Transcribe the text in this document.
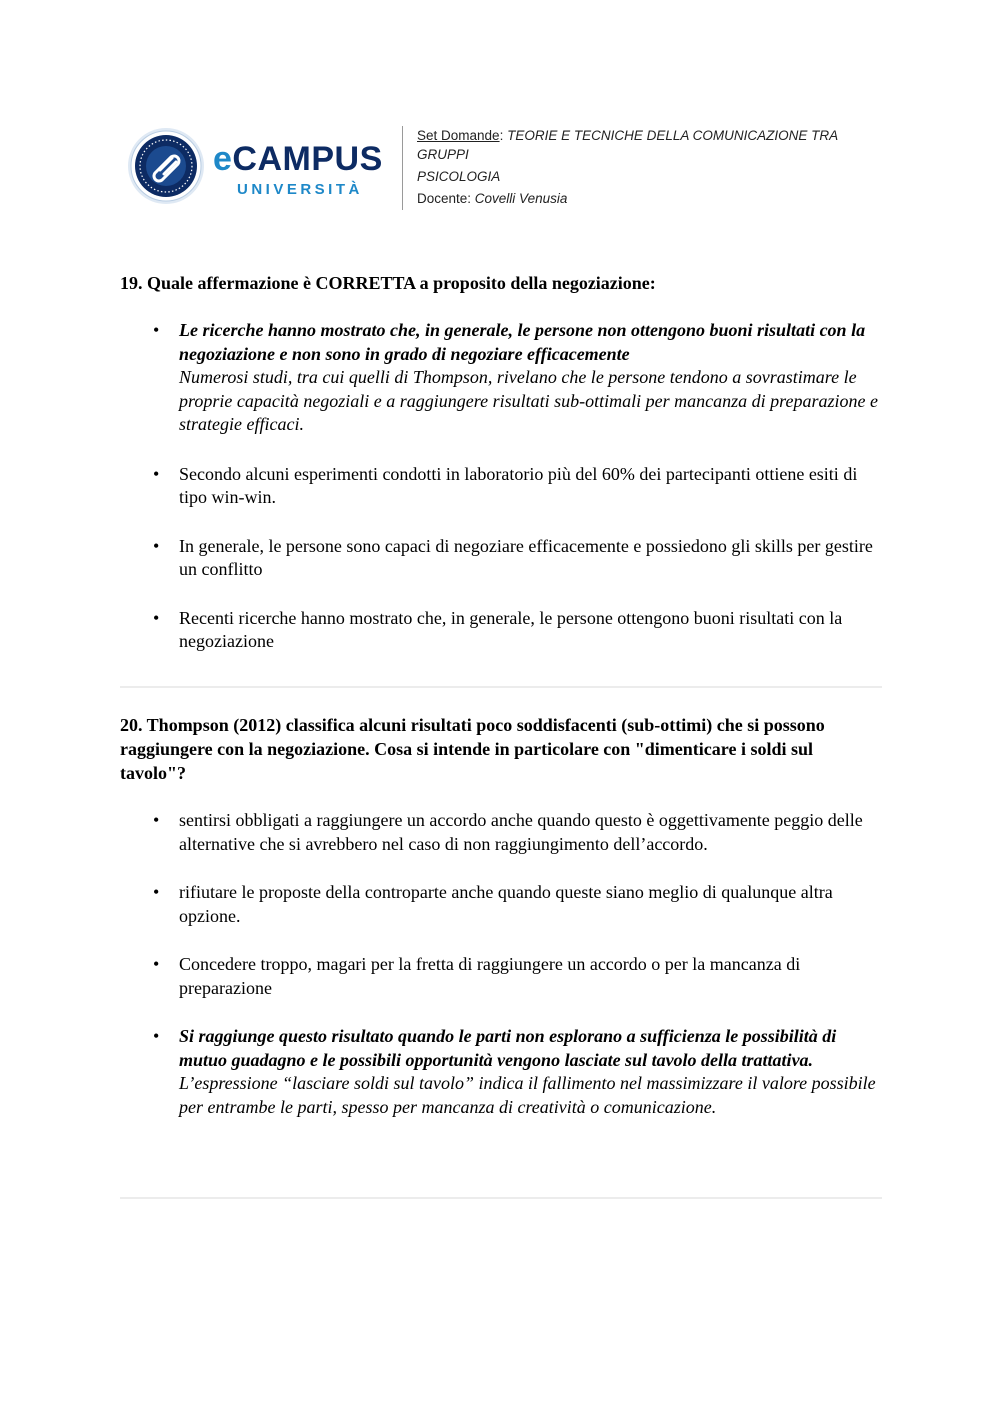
eCAMPUS
UNIVERSITÀ

Set Domande: TEORIE E TECNICHE DELLA COMUNICAZIONE TRA

GRUPPI

PSICOLOGIA

Docente: Covelli Venusia

19. Quale affermazione è CORRETTA a proposito della negoziazione:

• Le ricerche hanno mostrato che, in generale, le persone non ottengono buoni risultati con la negoziazione e non sono in grado di negoziare efficacemente
Numerosi studi, tra cui quelli di Thompson, rivelano che le persone tendono a sovrastimare le proprie capacità negoziali e a raggiungere risultati sub-ottimali per mancanza di preparazione e strategie efficaci.
• Secondo alcuni esperimenti condotti in laboratorio più del 60% dei partecipanti ottiene esiti di tipo win-win.
• In generale, le persone sono capaci di negoziare efficacemente e possiedono gli skills per gestire un conflitto
• Recenti ricerche hanno mostrato che, in generale, le persone ottengono buoni risultati con la negoziazione

20. Thompson (2012) classifica alcuni risultati poco soddisfacenti (sub-ottimi) che si possono raggiungere con la negoziazione. Cosa si intende in particolare con "dimenticare i soldi sul tavolo"?

• sentirsi obbligati a raggiungere un accordo anche quando questo è oggettivamente peggio delle alternative che si avrebbero nel caso di non raggiungimento dell’accordo.
• rifiutare le proposte della controparte anche quando queste siano meglio di qualunque altra opzione.
• Concedere troppo, magari per la fretta di raggiungere un accordo o per la mancanza di preparazione
• Si raggiunge questo risultato quando le parti non esplorano a sufficienza le possibilità di mutuo guadagno e le possibili opportunità vengono lasciate sul tavolo della trattativa.
L’espressione “lasciare soldi sul tavolo” indica il fallimento nel massimizzare il valore possibile per entrambe le parti, spesso per mancanza di creatività o comunicazione.
